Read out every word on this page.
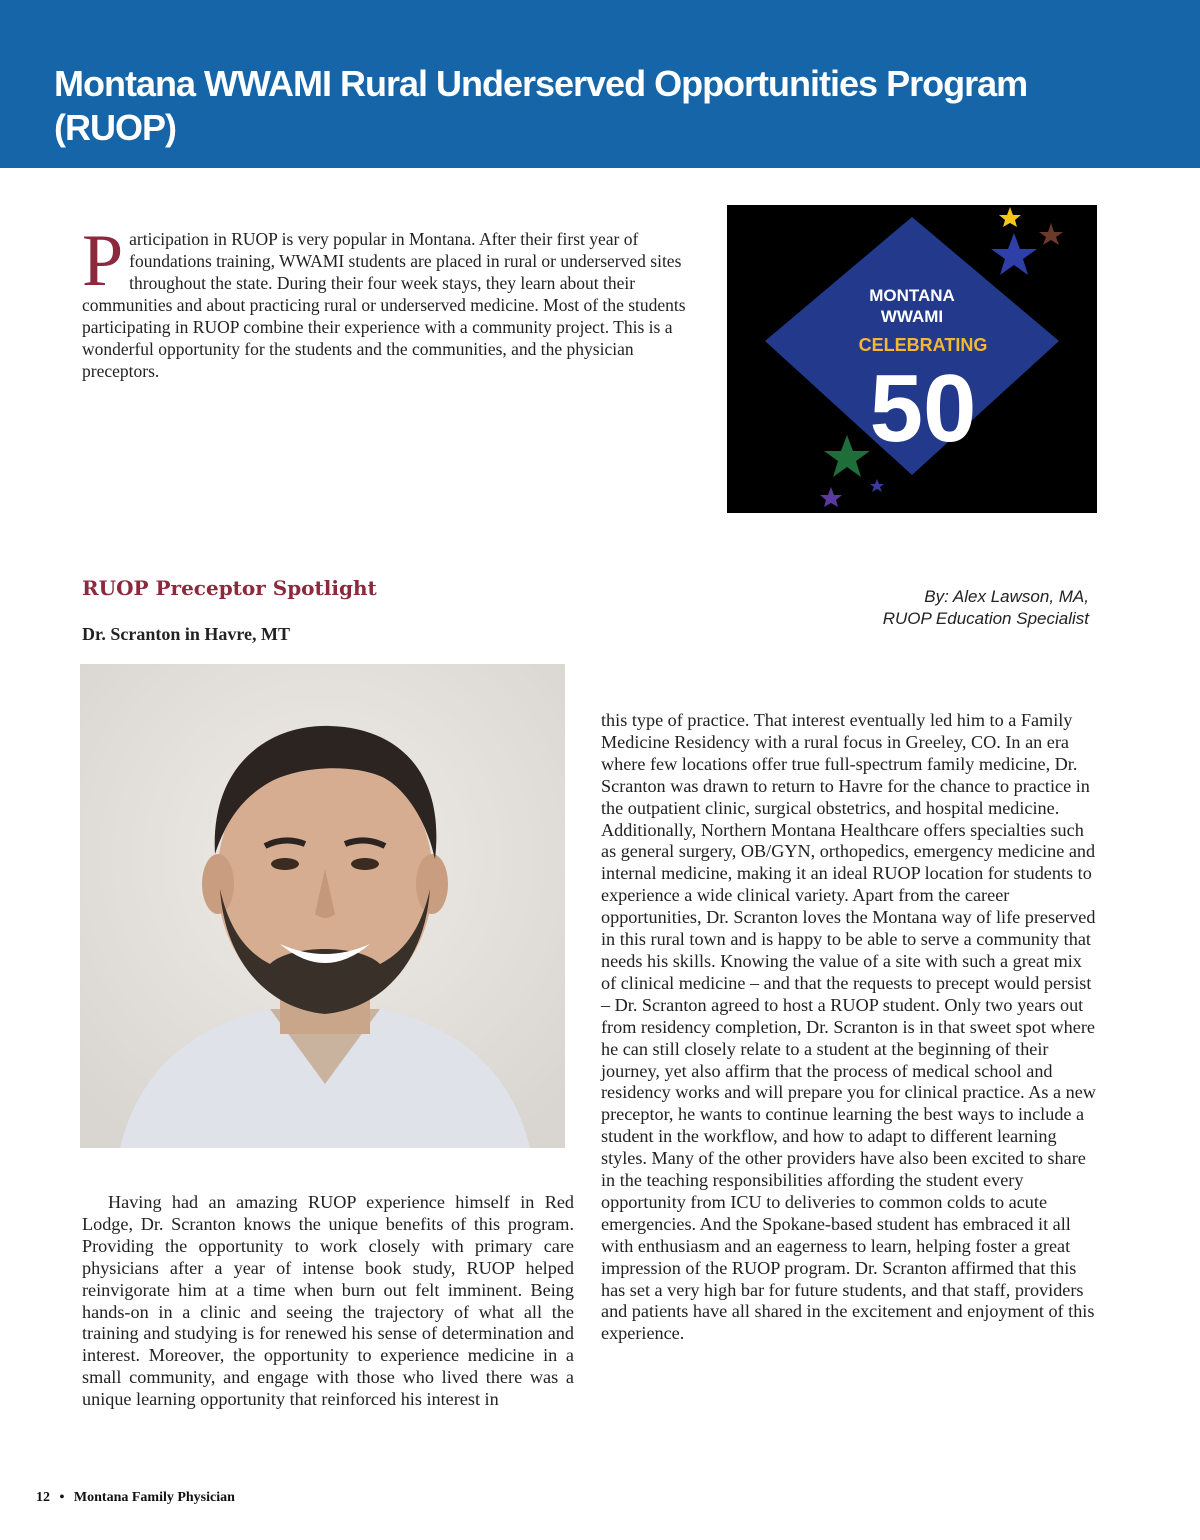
Montana WWAMI Rural Underserved Opportunities Program (RUOP)

Participation in RUOP is very popular in Montana. After their first year of foundations training, WWAMI students are placed in rural or underserved sites throughout the state. During their four week stays, they learn about their communities and about practicing rural or underserved medicine. Most of the students participating in RUOP combine their experience with a community project. This is a wonderful opportunity for the students and the communities, and the physician preceptors.

MONTANA
WWAMI
CELEBRATING
50
RUOP Preceptor Spotlight	By: Alex Lawson, MA,
RUOP Education Specialist
Dr. Scranton in Havre, MT

Having had an amazing RUOP experience himself in Red Lodge, Dr. Scranton knows the unique benefits of this program. Providing the opportunity to work closely with primary care physicians after a year of intense book study, RUOP helped reinvigorate him at a time when burn out felt imminent. Being hands-on in a clinic and seeing the trajectory of what all the training and studying is for renewed his sense of determination and interest. Moreover, the opportunity to experience medicine in a small community, and engage with those who lived there was a unique learning opportunity that reinforced his interest in

this type of practice. That interest eventually led him to a Family Medicine Residency with a rural focus in Greeley, CO. In an era where few locations offer true full-spectrum family medicine, Dr. Scranton was drawn to return to Havre for the chance to practice in the outpatient clinic, surgical obstetrics, and hospital medicine. Additionally, Northern Montana Healthcare offers specialties such as general surgery, OB/GYN, orthopedics, emergency medicine and internal medicine, making it an ideal RUOP location for students to experience a wide clinical variety. Apart from the career opportunities, Dr. Scranton loves the Montana way of life preserved in this rural town and is happy to be able to serve a community that needs his skills. Knowing the value of a site with such a great mix of clinical medicine – and that the requests to precept would persist – Dr. Scranton agreed to host a RUOP student. Only two years out from residency completion, Dr. Scranton is in that sweet spot where he can still closely relate to a student at the beginning of their journey, yet also affirm that the process of medical school and residency works and will prepare you for clinical practice. As a new preceptor, he wants to continue learning the best ways to include a student in the workflow, and how to adapt to different learning styles. Many of the other providers have also been excited to share in the teaching responsibilities affording the student every opportunity from ICU to deliveries to common colds to acute emergencies. And the Spokane-based student has embraced it all with enthusiasm and an eagerness to learn, helping foster a great impression of the RUOP program. Dr. Scranton affirmed that this has set a very high bar for future students, and that staff, providers and patients have all shared in the excitement and enjoyment of this experience.

12 • Montana Family Physician
